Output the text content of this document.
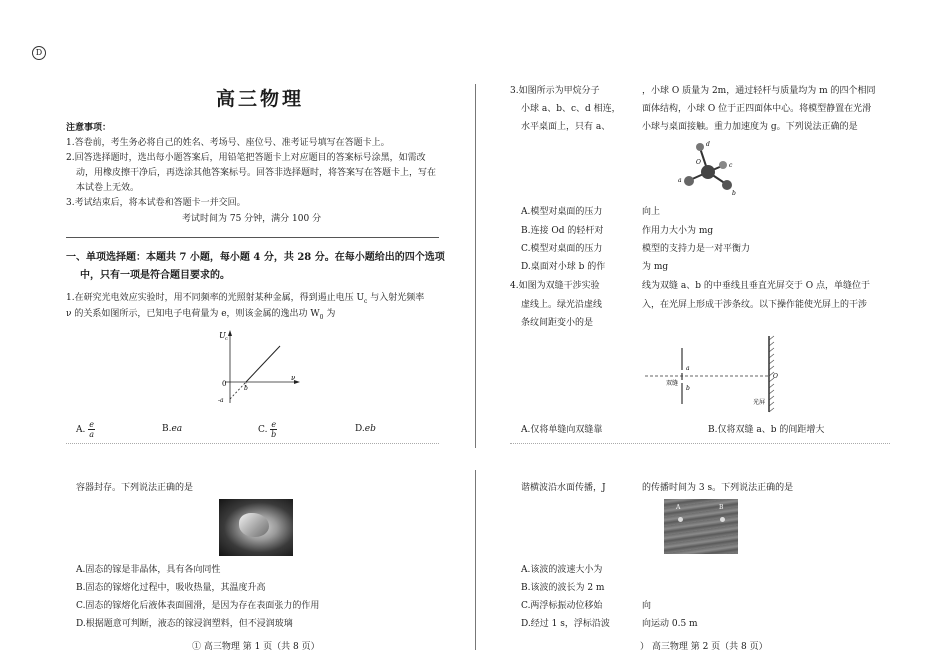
D
高三物理
注意事项：
1.答卷前，考生务必将自己的姓名、考场号、座位号、准考证号填写在答题卡上。
2.回答选择题时，选出每小题答案后，用铅笔把答题卡上对应题目的答案标号涂黑，如需改
动，用橡皮擦干净后，再选涂其他答案标号。回答非选择题时，将答案写在答题卡上，写在
本试卷上无效。
3.考试结束后，将本试卷和答题卡一并交回。
考试时间为 75 分钟，满分 100 分
一、单项选择题：本题共 7 小题，每小题 4 分，共 28 分。在每小题给出的四个选项
中，只有一项是符合题目要求的。
1.在研究光电效应实验时，用不同频率的光照射某种金属，得到遏止电压 $U_c$ 与入射光频率
ν 的关系如图所示，已知电子电荷量为 e，则该金属的逸出功 $W_0$ 为
U c
ν
0
b
-a
A. $\frac{e}{a}$	B.ea	C. $\frac{e}{b}$	D.eb
3.如图所示为甲烷分子	，小球 O 质量为 2m，通过轻杆与质量均为 m 的四个相同
小球 a、b、c、d 相连， 面体结构，小球 O 位于正四面体中心。将模型静置在光滑
水平桌面上，只有 a、	小球与桌面接触。重力加速度为 g。下列说法正确的是
d
O	c
a
b
A.模型对桌面的压力	向上
B.连接 Od 的轻杆对	作用力大小为 mg
C.模型对桌面的压力	模型的支持力是一对平衡力
D.桌面对小球 b 的作	为 mg
4.如图为双缝干涉实验	线为双缝 a、b 的中垂线且垂直光屏交于 O 点，单缝位于
虚线上。绿光沿虚线	入，在光屏上形成干涉条纹。以下操作能使光屏上的干涉
条纹间距变小的是
a
b
O
双缝
光屏
A.仅将单缝向双缝靠	B.仅将双缝 a、b 的间距增大
容器封存。下列说法正确的是
A.固态的镓是非晶体，具有各向同性
B.固态的镓熔化过程中，吸收热量，其温度升高
C.固态的镓熔化后液体表面圆滑，是因为存在表面张力的作用
D.根据题意可判断，液态的镓浸润塑料，但不浸润玻璃
① 高三物理 第 1 页（共 8 页）
谐横波沿水面传播，J	的传播时间为 3 s。下列说法正确的是
A	B
A.该波的波速大小为
B.该波的波长为 2 m
C.两浮标振动位移始	向
D.经过 1 s，浮标沿波	向运动 0.5 m
） 高三物理 第 2 页（共 8 页）
